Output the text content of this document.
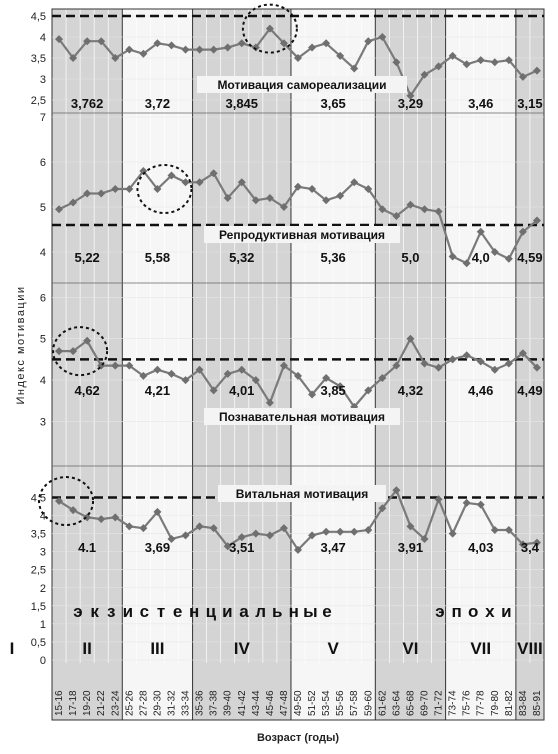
4,5
4
3,5
3
2,5
Мотивация самореализации
3,762	3,72	3,845	3,65	3,29	3,46 3,15
7
6
5
4
Репродуктивная мотивация
5,22	5,58	5,32	5,36	5,0	4,0 4,59
6
5
4
3	Познавательная мотивация
4,62	4,21	4,01	3,85	4,32	4,46 4,49
4,5
4
3,5
3
2,5
2
1,5
1
0,5
0
Витальная мотивация
4.1	3,69	3,51	3,47	3,91	4,03 3,4
э к з и с т е н ц и а л ь н ы е	э п о х и
I	II	III	IV	V	VI	VII VIII
15-16 17-18 19-20 21-22 23-24 25-26 27-28 29-30 31-32 33-34 35-36 37-38 39-40 41-42 43-44 45-46 47-48 49-50 51-52 53-54 55-56 57-58 59-60 61-62 63-64 65-68 69-70 71-72 73-74 75-76 77-78 79-80 81-82 83-84 85-91
Индекс мотивации
Возраст (годы)
